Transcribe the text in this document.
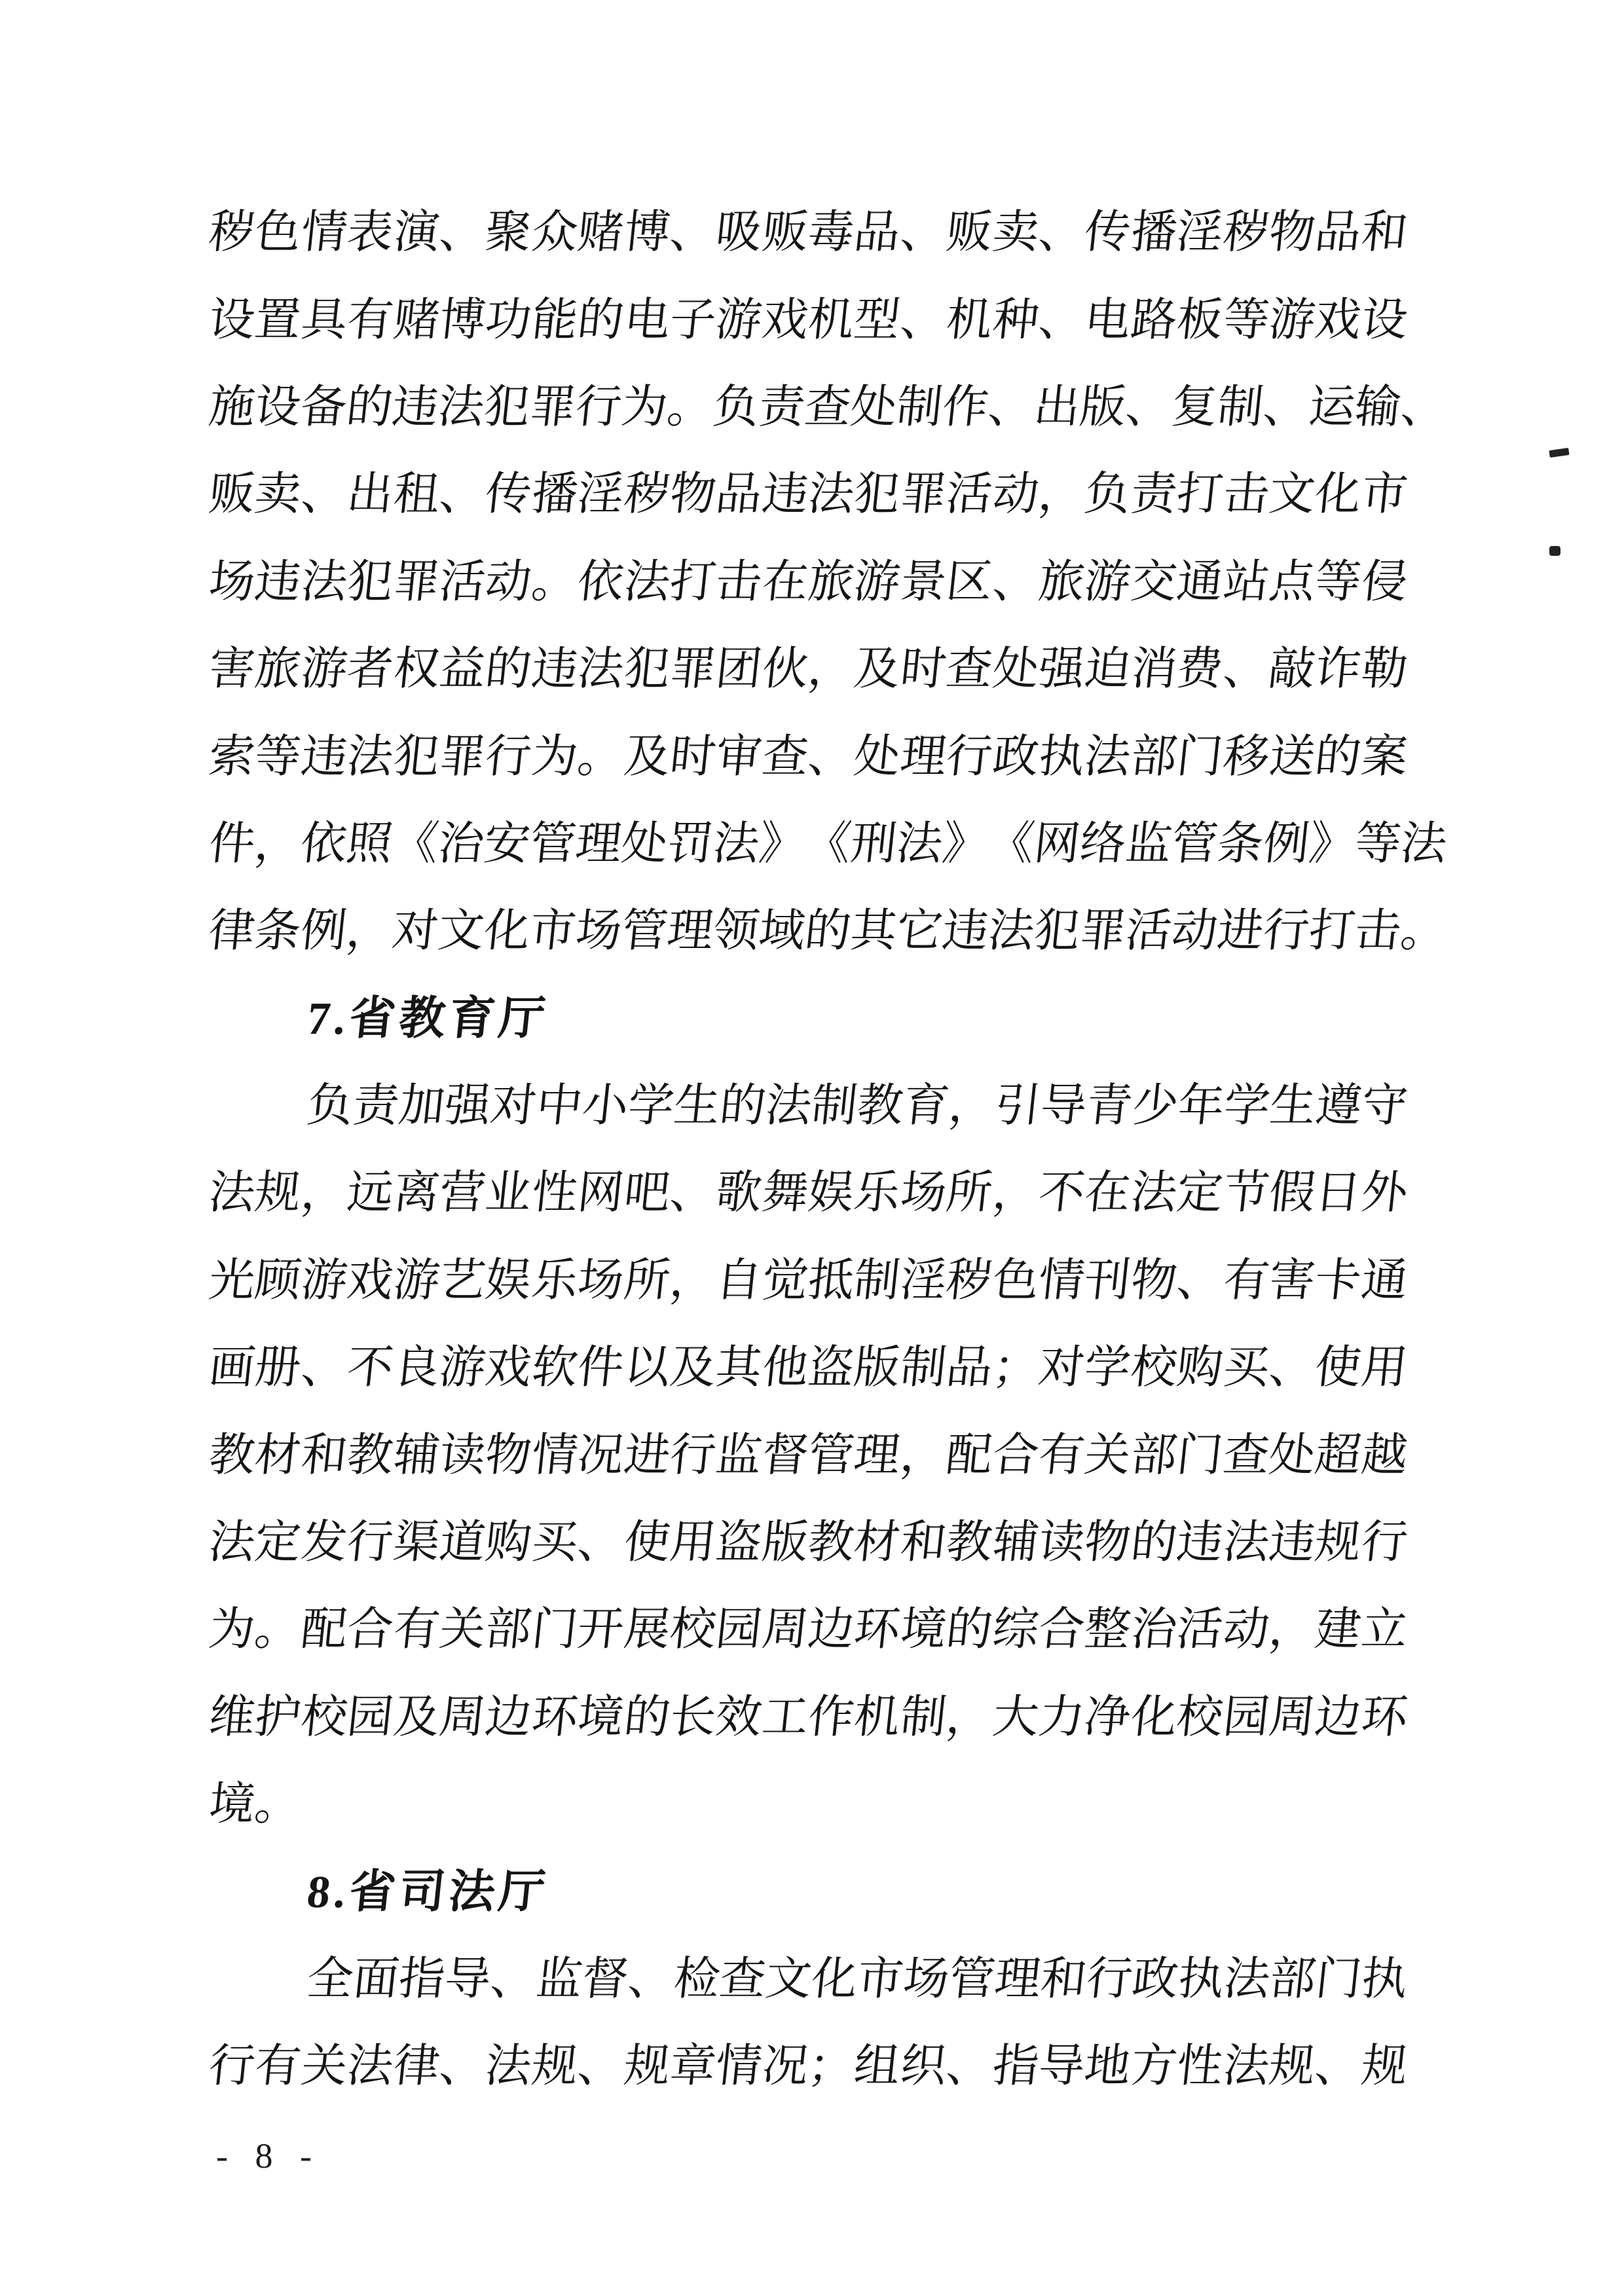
秽
色
情
表
演
、
聚
众
赌
博
、
吸
贩
毒
品
、
贩
卖
、
传
播
淫
秽
物
品
和
设
置
具
有
赌
博
功
能
的
电
子
游
戏
机
型
、
机
种
、
电
路
板
等
游
戏
设
施
设
备
的
违
法
犯
罪
行
为
。
负
责
查
处
制
作
、
出
版
、
复
制
、
运
输
、
贩
卖
、
出
租
、
传
播
淫
秽
物
品
违
法
犯
罪
活
动
，
负
责
打
击
文
化
市
场
违
法
犯
罪
活
动
。
依
法
打
击
在
旅
游
景
区
、
旅
游
交
通
站
点
等
侵
害
旅
游
者
权
益
的
违
法
犯
罪
团
伙
，
及
时
查
处
强
迫
消
费
、
敲
诈
勒
索
等
违
法
犯
罪
行
为
。
及
时
审
查
、
处
理
行
政
执
法
部
门
移
送
的
案
件
，
依
照
《
治
安
管
理
处
罚
法
》
《
刑
法
》
《
网
络
监
管
条
例
》
等
法
律
条
例
，
对
文
化
市
场
管
理
领
域
的
其
它
违
法
犯
罪
活
动
进
行
打
击
。
7.省教育厅
负
责
加
强
对
中
小
学
生
的
法
制
教
育
，
引
导
青
少
年
学
生
遵
守
法
规
，
远
离
营
业
性
网
吧
、
歌
舞
娱
乐
场
所
，
不
在
法
定
节
假
日
外
光
顾
游
戏
游
艺
娱
乐
场
所
，
自
觉
抵
制
淫
秽
色
情
刊
物
、
有
害
卡
通
画
册
、
不
良
游
戏
软
件
以
及
其
他
盗
版
制
品
；
对
学
校
购
买
、
使
用
教
材
和
教
辅
读
物
情
况
进
行
监
督
管
理
，
配
合
有
关
部
门
查
处
超
越
法
定
发
行
渠
道
购
买
、
使
用
盗
版
教
材
和
教
辅
读
物
的
违
法
违
规
行
为
。
配
合
有
关
部
门
开
展
校
园
周
边
环
境
的
综
合
整
治
活
动
，
建
立
维
护
校
园
及
周
边
环
境
的
长
效
工
作
机
制
，
大
力
净
化
校
园
周
边
环
境。
8.省司法厅
全
面
指
导
、
监
督
、
检
查
文
化
市
场
管
理
和
行
政
执
法
部
门
执
行
有
关
法
律
、
法
规
、
规
章
情
况
；
组
织
、
指
导
地
方
性
法
规
、
规
- 8 -
